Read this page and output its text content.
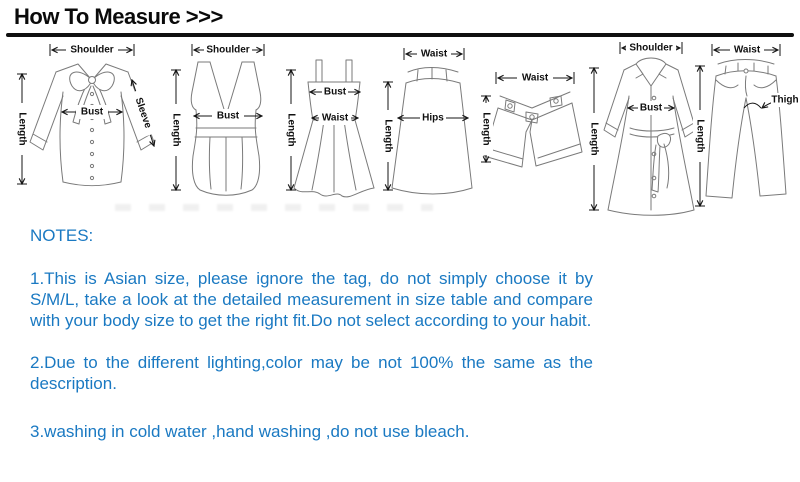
How To Measure >>>
Shoulder
Length
Bust	Sleeve
Shoulder
Length	Bust	Length
Bust
Waist
Waist
Length
Hips
Waist
Length
Shoulder
Length
Bust
Waist
Length
Thigh

NOTES:

1.This is Asian size, please ignore the tag, do not simply choose it by S/M/L, take a look at the detailed measurement in size table and compare with your body size to get the right fit.Do not select according to your habit.

2.Due to the different lighting,color may be not 100% the same as the description.

3.washing in cold water ,hand washing ,do not use bleach.
